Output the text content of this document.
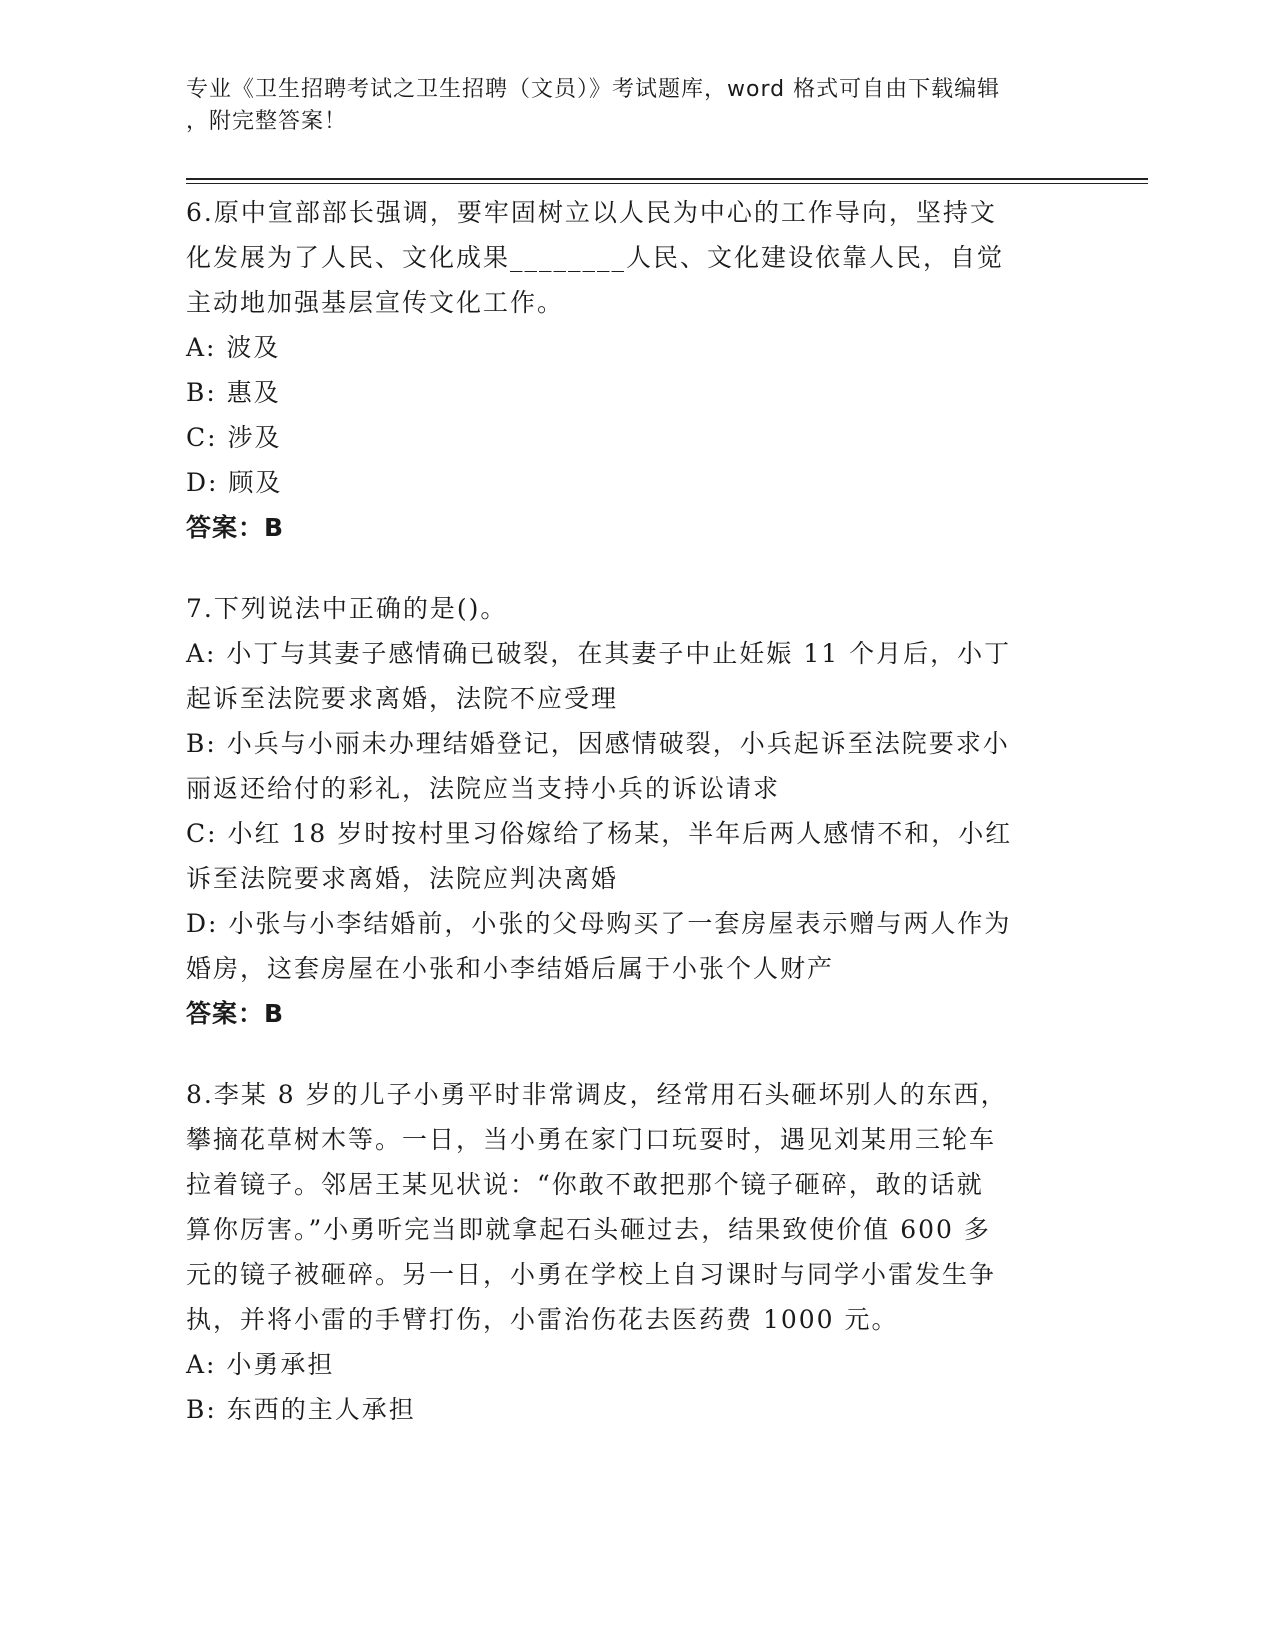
专业《卫生招聘考试之卫生招聘（文员）》考试题库，word 格式可自由下载编辑
，附完整答案！
6.原中宣部部长强调，要牢固树立以人民为中心的工作导向，坚持文
化发展为了人民、文化成果________人民、文化建设依靠人民，自觉
主动地加强基层宣传文化工作。
A: 波及
B: 惠及
C: 涉及
D: 顾及
答案：B
7.下列说法中正确的是()。
A: 小丁与其妻子感情确已破裂，在其妻子中止妊娠 11 个月后，小丁
起诉至法院要求离婚，法院不应受理
B: 小兵与小丽未办理结婚登记，因感情破裂，小兵起诉至法院要求小
丽返还给付的彩礼，法院应当支持小兵的诉讼请求
C: 小红 18 岁时按村里习俗嫁给了杨某，半年后两人感情不和，小红
诉至法院要求离婚，法院应判决离婚
D: 小张与小李结婚前，小张的父母购买了一套房屋表示赠与两人作为
婚房，这套房屋在小张和小李结婚后属于小张个人财产
答案：B
8.李某 8 岁的儿子小勇平时非常调皮，经常用石头砸坏别人的东西，
攀摘花草树木等。一日，当小勇在家门口玩耍时，遇见刘某用三轮车
拉着镜子。邻居王某见状说：“你敢不敢把那个镜子砸碎，敢的话就
算你厉害。”小勇听完当即就拿起石头砸过去，结果致使价值 600 多
元的镜子被砸碎。另一日，小勇在学校上自习课时与同学小雷发生争
执，并将小雷的手臂打伤，小雷治伤花去医药费 1000 元。
A: 小勇承担
B: 东西的主人承担
